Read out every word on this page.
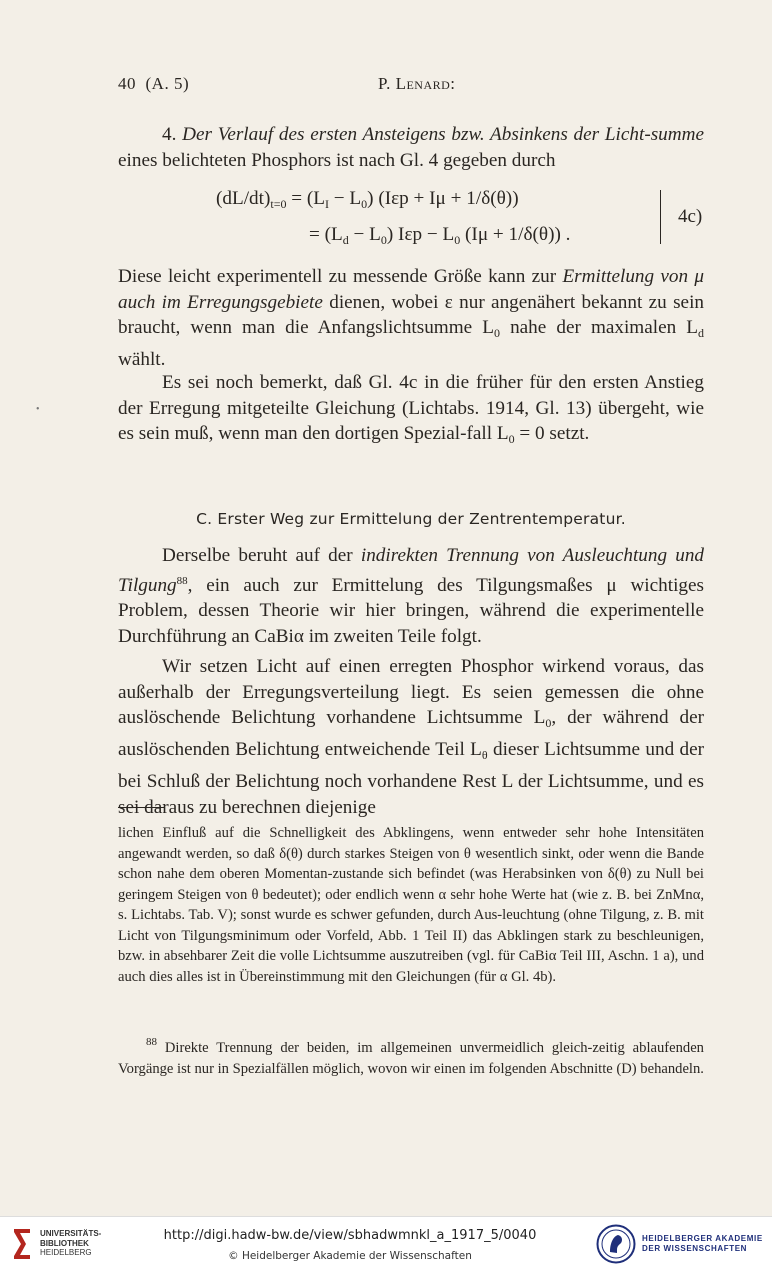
40 (A. 5)	P. Lenard:

4. Der Verlauf des ersten Ansteigens bzw. Absinkens der Licht-summe eines belichteten Phosphors ist nach Gl. 4 gegeben durch

$(dL/dt)_{t=0} = (L_I - L_0) (I\varepsilon p + I\mu + 1/\delta(\theta))$
= $(L_d - L_0) I\varepsilon p - L_0$ (Iμ + 1/δ(θ)) .
4c)

Diese leicht experimentell zu messende Größe kann zur Ermittelung von μ auch im Erregungsgebiete dienen, wobei ε nur angenähert bekannt zu sein braucht, wenn man die Anfangslichtsumme $L_0$ nahe der maximalen $L_d$ wählt.

Es sei noch bemerkt, daß Gl. 4c in die früher für den ersten Anstieg der Erregung mitgeteilte Gleichung (Lichtabs. 1914, Gl. 13) übergeht, wie es sein muß, wenn man den dortigen Spezial-fall $L_0 = 0$ setzt.

•
C. Erster Weg zur Ermittelung der Zentrentemperatur.

Derselbe beruht auf der indirekten Trennung von Ausleuchtung und Tilgung$^{88}$, ein auch zur Ermittelung des Tilgungsmaßes μ wichtiges Problem, dessen Theorie wir hier bringen, während die experimentelle Durchführung an CaBiα im zweiten Teile folgt.

Wir setzen Licht auf einen erregten Phosphor wirkend voraus, das außerhalb der Erregungsverteilung liegt. Es seien gemessen die ohne auslöschende Belichtung vorhandene Lichtsumme $L_0$, der während der auslöschenden Belichtung entweichende Teil $L_\theta$ dieser Lichtsumme und der bei Schluß der Belichtung noch vorhandene Rest L der Lichtsumme, und es sei daraus zu berechnen diejenige

lichen Einfluß auf die Schnelligkeit des Abklingens, wenn entweder sehr hohe Intensitäten angewandt werden, so daß δ(θ) durch starkes Steigen von θ wesentlich sinkt, oder wenn die Bande schon nahe dem oberen Momentan-zustande sich befindet (was Herabsinken von δ(θ) zu Null bei geringem Steigen von θ bedeutet); oder endlich wenn α sehr hohe Werte hat (wie z. B. bei ZnMnα, s. Lichtabs. Tab. V); sonst wurde es schwer gefunden, durch Aus-leuchtung (ohne Tilgung, z. B. mit Licht von Tilgungsminimum oder Vorfeld, Abb. 1 Teil II) das Abklingen stark zu beschleunigen, bzw. in absehbarer Zeit die volle Lichtsumme auszutreiben (vgl. für CaBiα Teil III, Aschn. 1 a), und auch dies alles ist in Übereinstimmung mit den Gleichungen (für α Gl. 4b).

$^{88}$ Direkte Trennung der beiden, im allgemeinen unvermeidlich gleich-zeitig ablaufenden Vorgänge ist nur in Spezialfällen möglich, wovon wir einen im folgenden Abschnitte (D) behandeln.

UNIVERSITÄTS-
BIBLIOTHEK
HEIDELBERG
http://digi.hadw-bw.de/view/sbhadwmnkl_a_1917_5/0040
© Heidelberger Akademie der Wissenschaften
HEIDELBERGER AKADEMIE
DER WISSENSCHAFTEN
